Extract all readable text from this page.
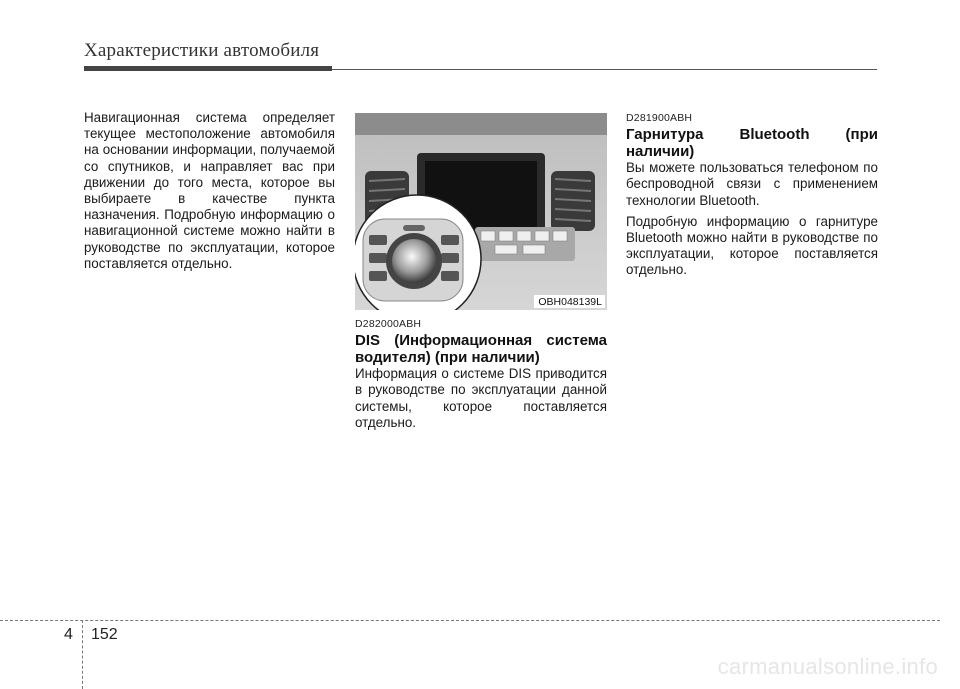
Характеристики автомобиля

Навигационная система определяет текущее местоположение автомобиля на основании информации, получаемой со спутников, и направляет вас при движении до того места, которое вы выбираете в качестве пункта назначения. Подробную информацию о навигационной системе можно найти в руководстве по эксплуатации, которое поставляется отдельно.

OBH048139L

D282000ABH

DIS (Информационная система водителя) (при наличии)

Информация о системе DIS приводится в руководстве по эксплуатации данной системы, которое поставляется отдельно.

D281900ABH

Гарнитура Bluetooth (при наличии)

Вы можете пользоваться телефоном по беспроводной связи с применением технологии Bluetooth.

Подробную информацию о гарнитуре Bluetooth можно найти в руководстве по эксплуатации, которое поставляется отдельно.

4 152
carmanualsonline.info
